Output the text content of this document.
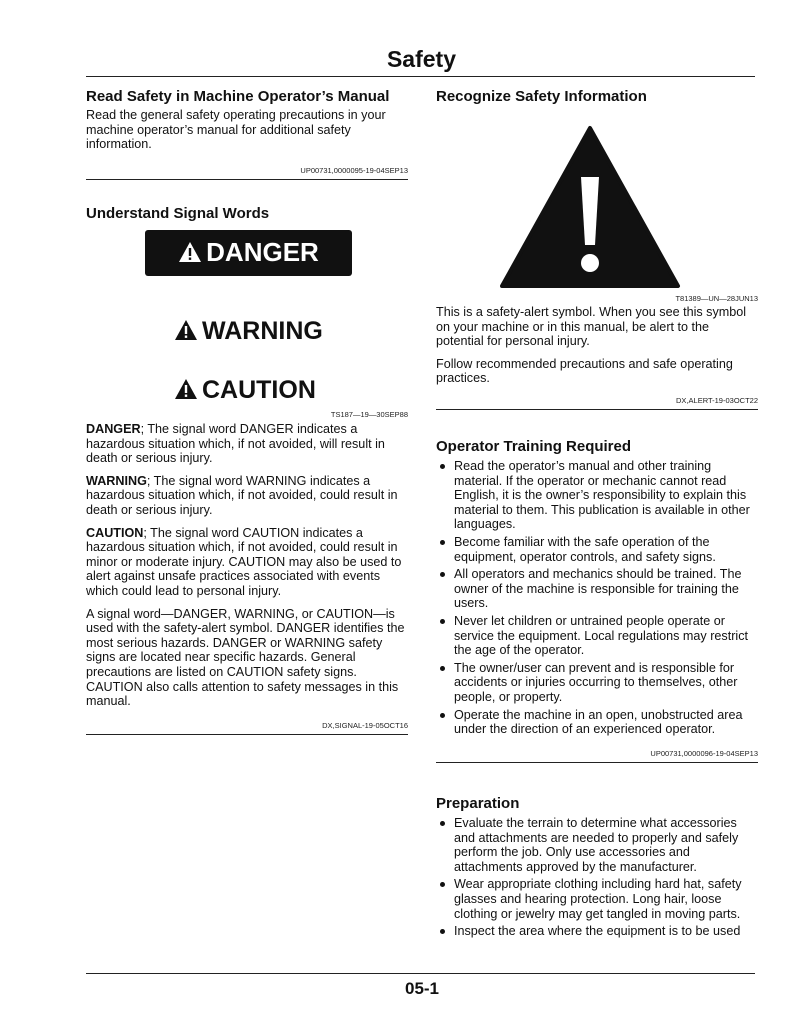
Safety
Read Safety in Machine Operator’s Manual

Read the general safety operating precautions in your machine operator’s manual for additional safety information.

UP00731,0000095-19-04SEP13
Understand Signal Words
DANGER
WARNING
CAUTION
TS187—19—30SEP88

DANGER; The signal word DANGER indicates a hazardous situation which, if not avoided, will result in death or serious injury.

WARNING; The signal word WARNING indicates a hazardous situation which, if not avoided, could result in death or serious injury.

CAUTION; The signal word CAUTION indicates a hazardous situation which, if not avoided, could result in minor or moderate injury. CAUTION may also be used to alert against unsafe practices associated with events which could lead to personal injury.

A signal word—DANGER, WARNING, or CAUTION—is used with the safety-alert symbol. DANGER identifies the most serious hazards. DANGER or WARNING safety signs are located near specific hazards. General precautions are listed on CAUTION safety signs. CAUTION also calls attention to safety messages in this manual.

DX,SIGNAL-19-05OCT16
Recognize Safety Information
T81389—UN—28JUN13

This is a safety-alert symbol. When you see this symbol on your machine or in this manual, be alert to the potential for personal injury.

Follow recommended precautions and safe operating practices.

DX,ALERT-19-03OCT22
Operator Training Required
Read the operator’s manual and other training material. If the operator or mechanic cannot read English, it is the owner’s responsibility to explain this material to them. This publication is available in other languages.
Become familiar with the safe operation of the equipment, operator controls, and safety signs.
All operators and mechanics should be trained. The owner of the machine is responsible for training the users.
Never let children or untrained people operate or service the equipment. Local regulations may restrict the age of the operator.
The owner/user can prevent and is responsible for accidents or injuries occurring to themselves, other people, or property.
Operate the machine in an open, unobstructed area under the direction of an experienced operator.
UP00731,0000096-19-04SEP13
Preparation
Evaluate the terrain to determine what accessories and attachments are needed to properly and safely perform the job. Only use accessories and attachments approved by the manufacturer.
Wear appropriate clothing including hard hat, safety glasses and hearing protection. Long hair, loose clothing or jewelry may get tangled in moving parts.
Inspect the area where the equipment is to be used
05-1
